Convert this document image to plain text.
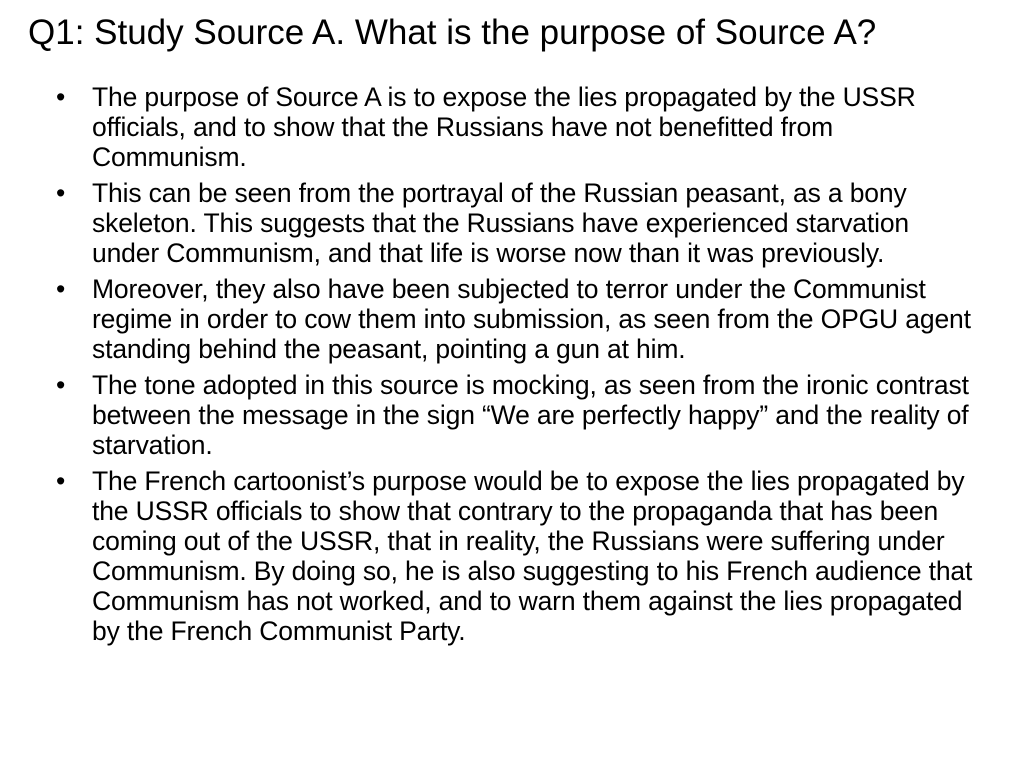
Q1: Study Source A. What is the purpose of Source A?
•	The purpose of Source A is to expose the lies propagated by the USSR officials, and to show that the Russians have not benefitted from Communism.
•	This can be seen from the portrayal of the Russian peasant, as a bony skeleton. This suggests that the Russians have experienced starvation under Communism, and that life is worse now than it was previously.
•	Moreover, they also have been subjected to terror under the Communist regime in order to cow them into submission, as seen from the OPGU agent standing behind the peasant, pointing a gun at him.
•	The tone adopted in this source is mocking, as seen from the ironic contrast between the message in the sign “We are perfectly happy” and the reality of starvation.
•	The French cartoonist’s purpose would be to expose the lies propagated by the USSR officials to show that contrary to the propaganda that has been coming out of the USSR, that in reality, the Russians were suffering under Communism. By doing so, he is also suggesting to his French audience that Communism has not worked, and to warn them against the lies propagated by the French Communist Party.
